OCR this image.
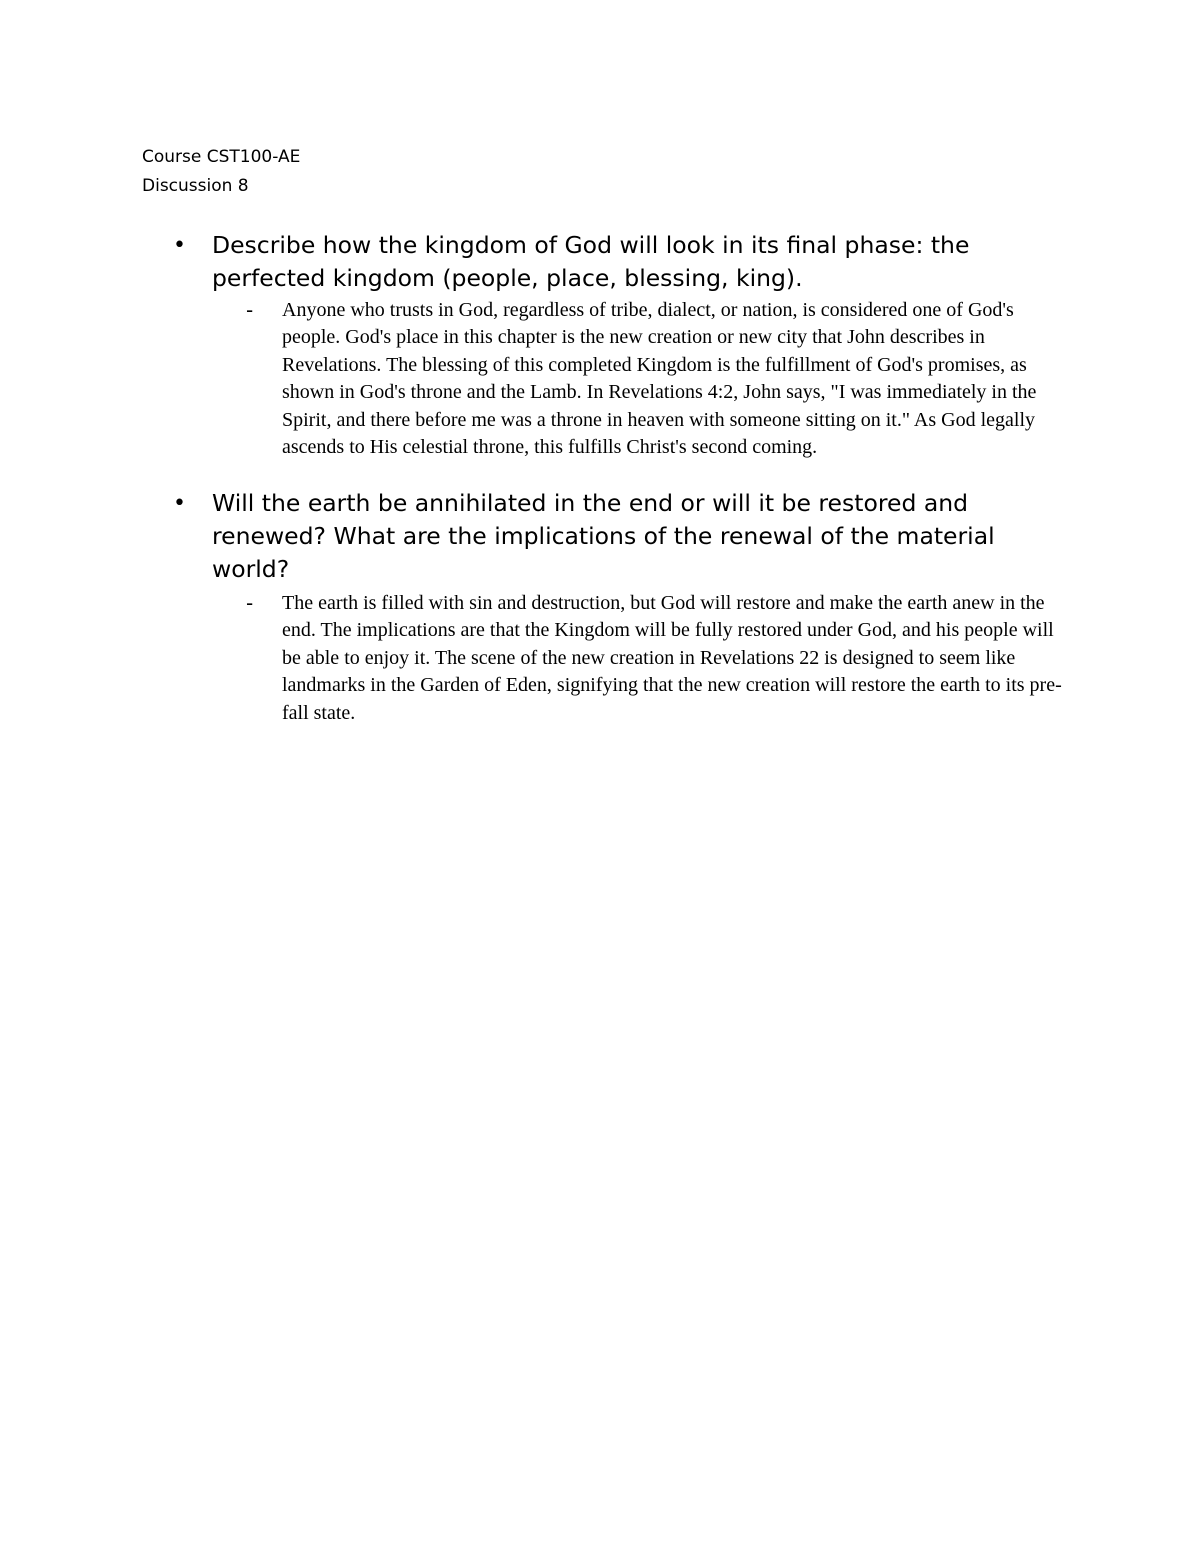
Course CST100-AE
Discussion 8
• Describe how the kingdom of God will look in its final phase: the perfected kingdom (people, place, blessing, king).
- Anyone who trusts in God, regardless of tribe, dialect, or nation, is considered one of God's people. God's place in this chapter is the new creation or new city that John describes in Revelations. The blessing of this completed Kingdom is the fulfillment of God's promises, as shown in God's throne and the Lamb. In Revelations 4:2, John says, "I was immediately in the Spirit, and there before me was a throne in heaven with someone sitting on it." As God legally ascends to His celestial throne, this fulfills Christ's second coming.
• Will the earth be annihilated in the end or will it be restored and renewed? What are the implications of the renewal of the material world?
- The earth is filled with sin and destruction, but God will restore and make the earth anew in the end. The implications are that the Kingdom will be fully restored under God, and his people will be able to enjoy it. The scene of the new creation in Revelations 22 is designed to seem like landmarks in the Garden of Eden, signifying that the new creation will restore the earth to its pre-fall state.
